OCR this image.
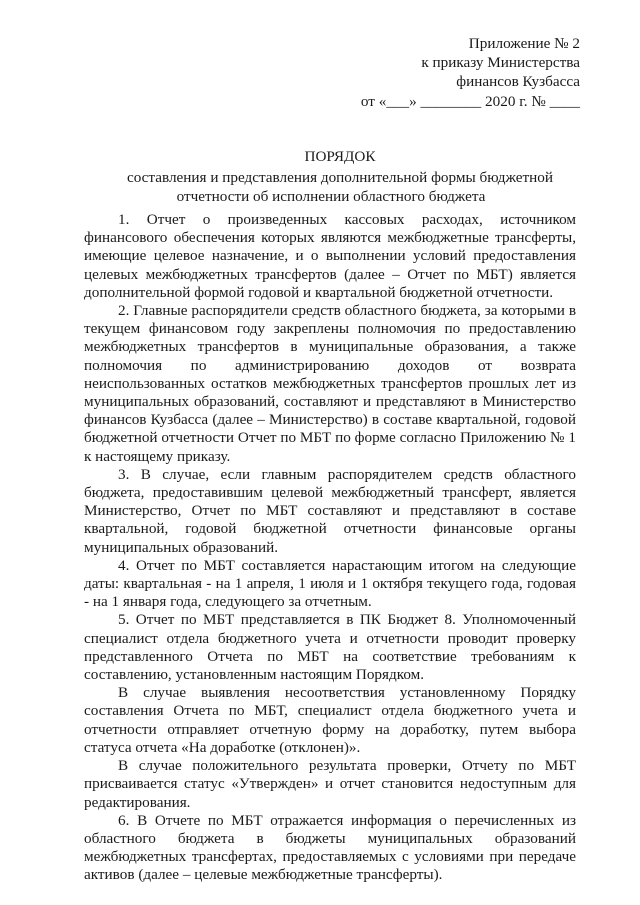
Приложение № 2
к приказу Министерства
финансов Кузбасса
от «___» ________ 2020 г. № ____
ПОРЯДОК
составления и представления дополнительной формы бюджетной
отчетности об исполнении областного бюджета

1. Отчет о произведенных кассовых расходах, источником финансового обеспечения которых являются межбюджетные трансферты, имеющие целевое назначение, и о выполнении условий предоставления целевых межбюджетных трансфертов (далее – Отчет по МБТ) является дополнительной формой годовой и квартальной бюджетной отчетности.

2. Главные распорядители средств областного бюджета, за которыми в текущем финансовом году закреплены полномочия по предоставлению межбюджетных трансфертов в муниципальные образования, а также полномочия по администрированию доходов от возврата неиспользованных остатков межбюджетных трансфертов прошлых лет из муниципальных образований, составляют и представляют в Министерство финансов Кузбасса (далее – Министерство) в составе квартальной, годовой бюджетной отчетности Отчет по МБТ по форме согласно Приложению № 1 к настоящему приказу.

3. В случае, если главным распорядителем средств областного бюджета, предоставившим целевой межбюджетный трансферт, является Министерство, Отчет по МБТ составляют и представляют в составе квартальной, годовой бюджетной отчетности финансовые органы муниципальных образований.

4. Отчет по МБТ составляется нарастающим итогом на следующие даты: квартальная - на 1 апреля, 1 июля и 1 октября текущего года, годовая - на 1 января года, следующего за отчетным.

5. Отчет по МБТ представляется в ПК Бюджет 8. Уполномоченный специалист отдела бюджетного учета и отчетности проводит проверку представленного Отчета по МБТ на соответствие требованиям к составлению, установленным настоящим Порядком.

В случае выявления несоответствия установленному Порядку составления Отчета по МБТ, специалист отдела бюджетного учета и отчетности отправляет отчетную форму на доработку, путем выбора статуса отчета «На доработке (отклонен)».

В случае положительного результата проверки, Отчету по МБТ присваивается статус «Утвержден» и отчет становится недоступным для редактирования.

6. В Отчете по МБТ отражается информация о перечисленных из областного бюджета в бюджеты муниципальных образований межбюджетных трансфертах, предоставляемых с условиями при передаче активов (далее – целевые межбюджетные трансферты).
